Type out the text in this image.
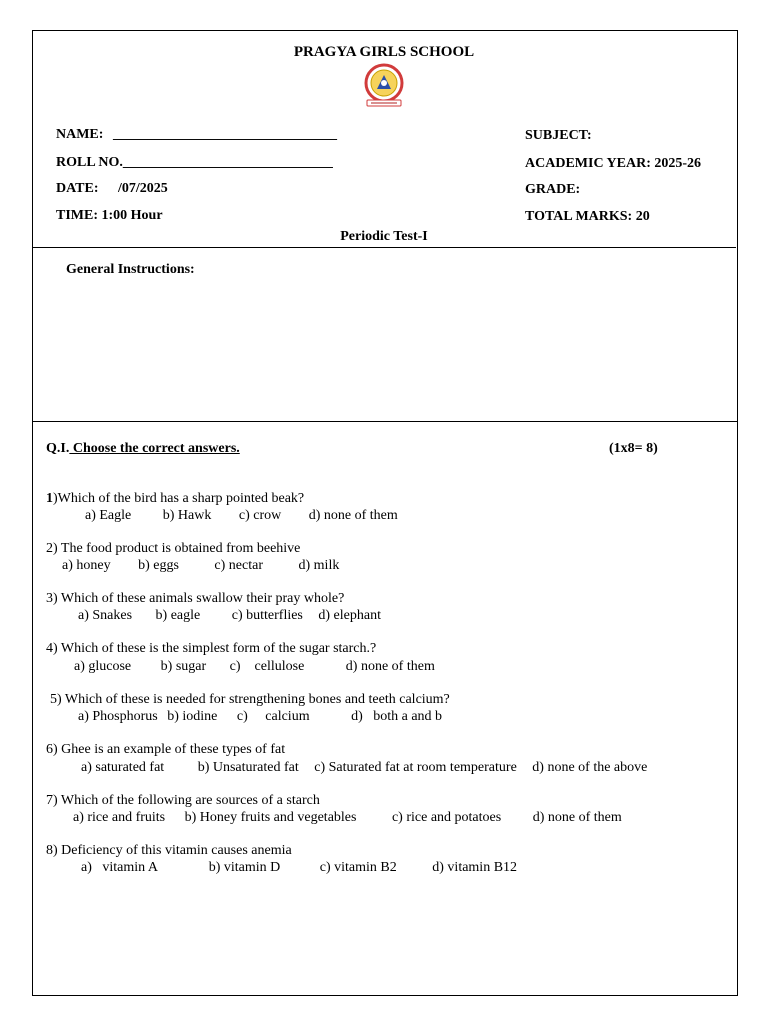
PRAGYA GIRLS SCHOOL
NAME: ________________________________
ROLL NO.______________________________
DATE: /07/2025
TIME: 1:00 Hour
SUBJECT:
ACADEMIC YEAR: 2025-26
GRADE:
TOTAL MARKS: 20
Periodic Test-I
General Instructions:
Q.I. Choose the correct answers.	(1x8= 8)
1)Which of the bird has a sharp pointed beak?
a) Eagle b) Hawk c) crow d) none of them
2) The food product is obtained from beehive
a) honey b) eggs	c) nectar	d) milk
3) Which of these animals swallow their pray whole?
a) Snakes b) eagle c) butterflies d) elephant
4) Which of these is the simplest form of the sugar starch.?
a) glucose b) sugar c)    cellulose	d) none of them
5) Which of these is needed for strengthening bones and teeth calcium?
a) Phosphorus b) iodine c)     calcium	d)   both a and b
6) Ghee is an example of these types of fat
a) saturated fat b) Unsaturated fat c) Saturated fat at room temperature d) none of the above
7) Which of the following are sources of a starch
a) rice and fruits b) Honey fruits and vegetables	c) rice and potatoes d) none of them
8) Deficiency of this vitamin causes anemia
a)   vitamin A	b) vitamin D	c) vitamin B2	d) vitamin B12
